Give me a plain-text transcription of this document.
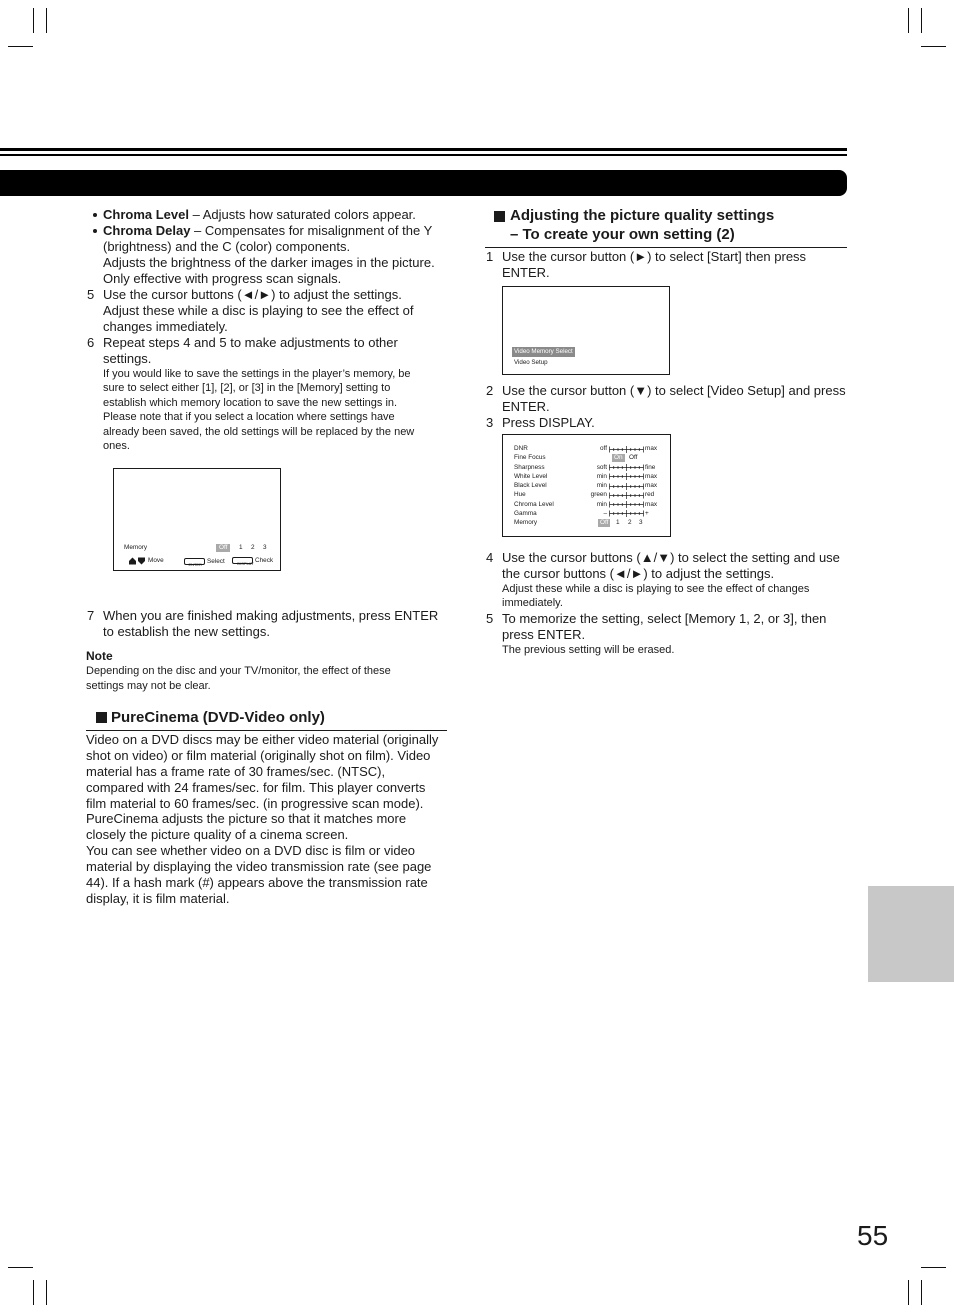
Chroma Level – Adjusts how saturated colors appear.
Chroma Delay – Compensates for misalignment of the Y
(brightness) and the C (color) components.
Adjusts the brightness of the darker images in the picture.
Only effective with progress scan signals.
5 Use the cursor buttons (◄/►) to adjust the settings.
Adjust these while a disc is playing to see the effect of
changes immediately.
6 Repeat steps 4 and 5 to make adjustments to other
settings.
If you would like to save the settings in the player’s memory, be
sure to select either [1], [2], or [3] in the [Memory] setting to
establish which memory location to save the new settings in.
Please note that if you select a location where settings have
already been saved, the old settings will be replaced by the new
ones.
Memory	Off	1	2	3
Move
ENTER
Select	DISPLAY
Check
7 When you are finished making adjustments, press ENTER
to establish the new settings.
Note
Depending on the disc and your TV/monitor, the effect of these
settings may not be clear.
PureCinema (DVD-Video only)
Video on a DVD discs may be either video material (originally
shot on video) or film material (originally shot on film). Video
material has a frame rate of 30 frames/sec. (NTSC),
compared with 24 frames/sec. for film. This player converts
film material to 60 frames/sec. (in progressive scan mode).
PureCinema adjusts the picture so that it matches more
closely the picture quality of a cinema screen.
You can see whether video on a DVD disc is film or video
material by displaying the video transmission rate (see page
44). If a hash mark (#) appears above the transmission rate
display, it is film material.
Adjusting the picture quality settings
– To create your own setting (2)
1 Use the cursor button (►) to select [Start] then press
ENTER.
Video Memory Select
Video Setup
2 Use the cursor button (▼) to select [Video Setup] and press
ENTER.
3 Press DISPLAY.
DNR	off	max
Fine Focus	On	Off
Sharpness	soft	fine
White Level	min	max
Black Level	min	max
Hue	green	red
Chroma Level	min	max
Gamma	–	+
Memory	Off	1	2	3
4 Use the cursor buttons (▲/▼) to select the setting and use
the cursor buttons (◄/►) to adjust the settings.
Adjust these while a disc is playing to see the effect of changes
immediately.
5 To memorize the setting, select [Memory 1, 2, or 3], then
press ENTER.
The previous setting will be erased.
55
